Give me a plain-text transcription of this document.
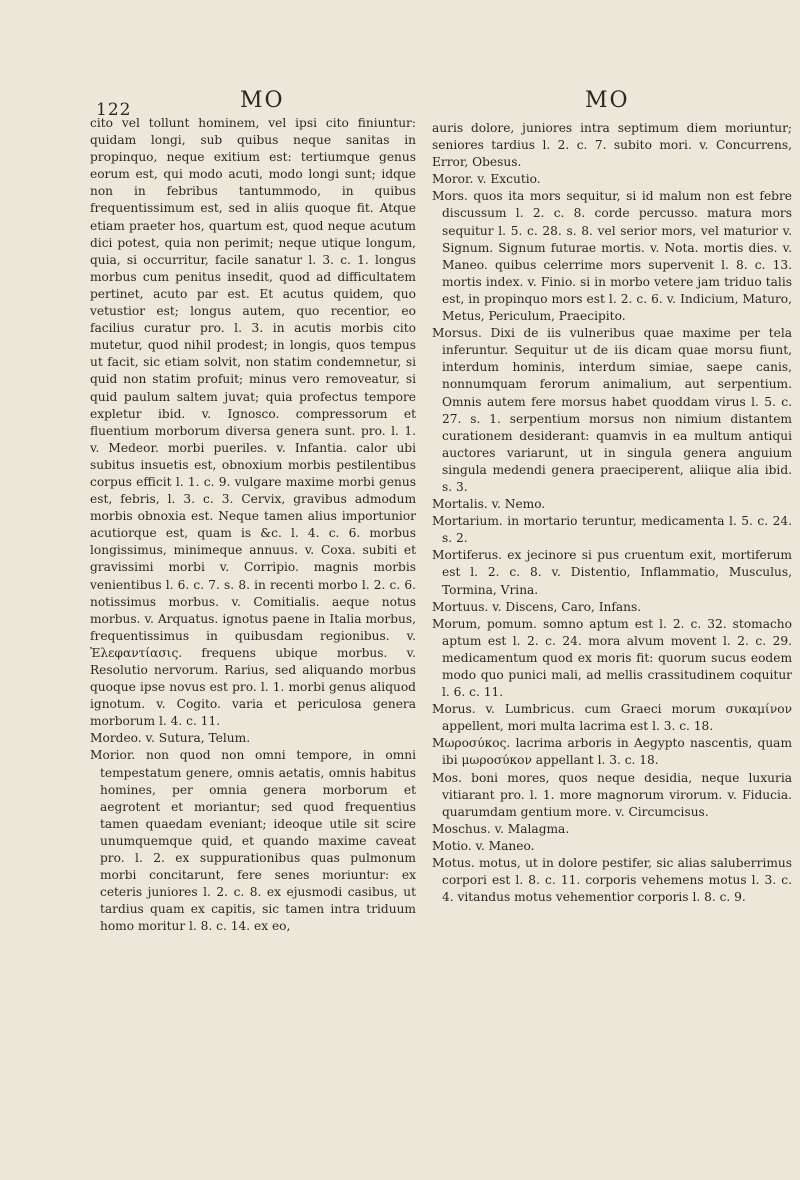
122	MO	MO

cito vel tollunt hominem, vel ipsi cito finiuntur: quidam longi, sub quibus neque sanitas in propinquo, neque exitium est: tertiumque genus eorum est, qui modo acuti, modo longi sunt; idque non in febribus tantummodo, in quibus frequentissimum est, sed in aliis quoque fit. Atque etiam praeter hos, quartum est, quod neque acutum dici potest, quia non perimit; neque utique longum, quia, si occurritur, facile sanatur l. 3. c. 1. longus morbus cum penitus insedit, quod ad difficultatem pertinet, acuto par est. Et acutus quidem, quo vetustior est; longus autem, quo recentior, eo facilius curatur pro. l. 3. in acutis morbis cito mutetur, quod nihil prodest; in longis, quos tempus ut facit, sic etiam solvit, non statim condemnetur, si quid non statim profuit; minus vero removeatur, si quid paulum saltem juvat; quia profectus tempore expletur ibid. v. Ignosco. compressorum et fluentium morborum diversa genera sunt. pro. l. 1. v. Medeor. morbi pueriles. v. Infantia. calor ubi subitus insuetis est, obnoxium morbis pestilentibus corpus efficit l. 1. c. 9. vulgare maxime morbi genus est, febris, l. 3. c. 3. Cervix, gravibus admodum morbis obnoxia est. Neque tamen alius importunior acutiorque est, quam is &c. l. 4. c. 6. morbus longissimus, minimeque annuus. v. Coxa. subiti et gravissimi morbi v. Corripio. magnis morbis venientibus l. 6. c. 7. s. 8. in recenti morbo l. 2. c. 6. notissimus morbus. v. Comitialis. aeque notus morbus. v. Arquatus. ignotus paene in Italia morbus, frequentissimus in quibusdam regionibus. v. Ἐλεφαντίασις. frequens ubique morbus. v. Resolutio nervorum. Rarius, sed aliquando morbus quoque ipse novus est pro. l. 1. morbi genus aliquod ignotum. v. Cogito. varia et periculosa genera morborum l. 4. c. 11.

Mordeo. v. Sutura, Telum.

Morior. non quod non omni tempore, in omni tempestatum genere, omnis aetatis, omnis habitus homines, per omnia genera morborum et aegrotent et moriantur; sed quod frequentius tamen quaedam eveniant; ideoque utile sit scire unumquemque quid, et quando maxime caveat pro. l. 2. ex suppurationibus quas pulmonum morbi concitarunt, fere senes moriuntur: ex ceteris juniores l. 2. c. 8. ex ejusmodi casibus, ut tardius quam ex capitis, sic tamen intra triduum homo moritur l. 8. c. 14. ex eo,

auris dolore, juniores intra septimum diem moriuntur; seniores tardius l. 2. c. 7. subito mori. v. Concurrens, Error, Obesus.

Moror. v. Excutio.

Mors. quos ita mors sequitur, si id malum non est febre discussum l. 2. c. 8. corde percusso. matura mors sequitur l. 5. c. 28. s. 8. vel serior mors, vel maturior v. Signum. Signum futurae mortis. v. Nota. mortis dies. v. Maneo. quibus celerrime mors supervenit l. 8. c. 13. mortis index. v. Finio. si in morbo vetere jam triduo talis est, in propinquo mors est l. 2. c. 6. v. Indicium, Maturo, Metus, Periculum, Praecipito.

Morsus. Dixi de iis vulneribus quae maxime per tela inferuntur. Sequitur ut de iis dicam quae morsu fiunt, interdum hominis, interdum simiae, saepe canis, nonnumquam ferorum animalium, aut serpentium. Omnis autem fere morsus habet quoddam virus l. 5. c. 27. s. 1. serpentium morsus non nimium distantem curationem desiderant: quamvis in ea multum antiqui auctores variarunt, ut in singula genera anguium singula medendi genera praeciperent, aliique alia ibid. s. 3.

Mortalis. v. Nemo.

Mortarium. in mortario teruntur, medicamenta l. 5. c. 24. s. 2.

Mortiferus. ex jecinore si pus cruentum exit, mortiferum est l. 2. c. 8. v. Distentio, Inflammatio, Musculus, Tormina, Vrina.

Mortuus. v. Discens, Caro, Infans.

Morum, pomum. somno aptum est l. 2. c. 32. stomacho aptum est l. 2. c. 24. mora alvum movent l. 2. c. 29. medicamentum quod ex moris fit: quorum sucus eodem modo quo punici mali, ad mellis crassitudinem coquitur l. 6. c. 11.

Morus. v. Lumbricus. cum Graeci morum συκαμίνον appellent, mori multa lacrima est l. 3. c. 18.

Μωροσύκος. lacrima arboris in Aegypto nascentis, quam ibi μωροσύκον appellant l. 3. c. 18.

Mos. boni mores, quos neque desidia, neque luxuria vitiarant pro. l. 1. more magnorum virorum. v. Fiducia. quarumdam gentium more. v. Circumcisus.

Moschus. v. Malagma.

Motio. v. Maneo.

Motus. motus, ut in dolore pestifer, sic alias saluberrimus corpori est l. 8. c. 11. corporis vehemens motus l. 3. c. 4. vitandus motus vehementior corporis l. 8. c. 9.
